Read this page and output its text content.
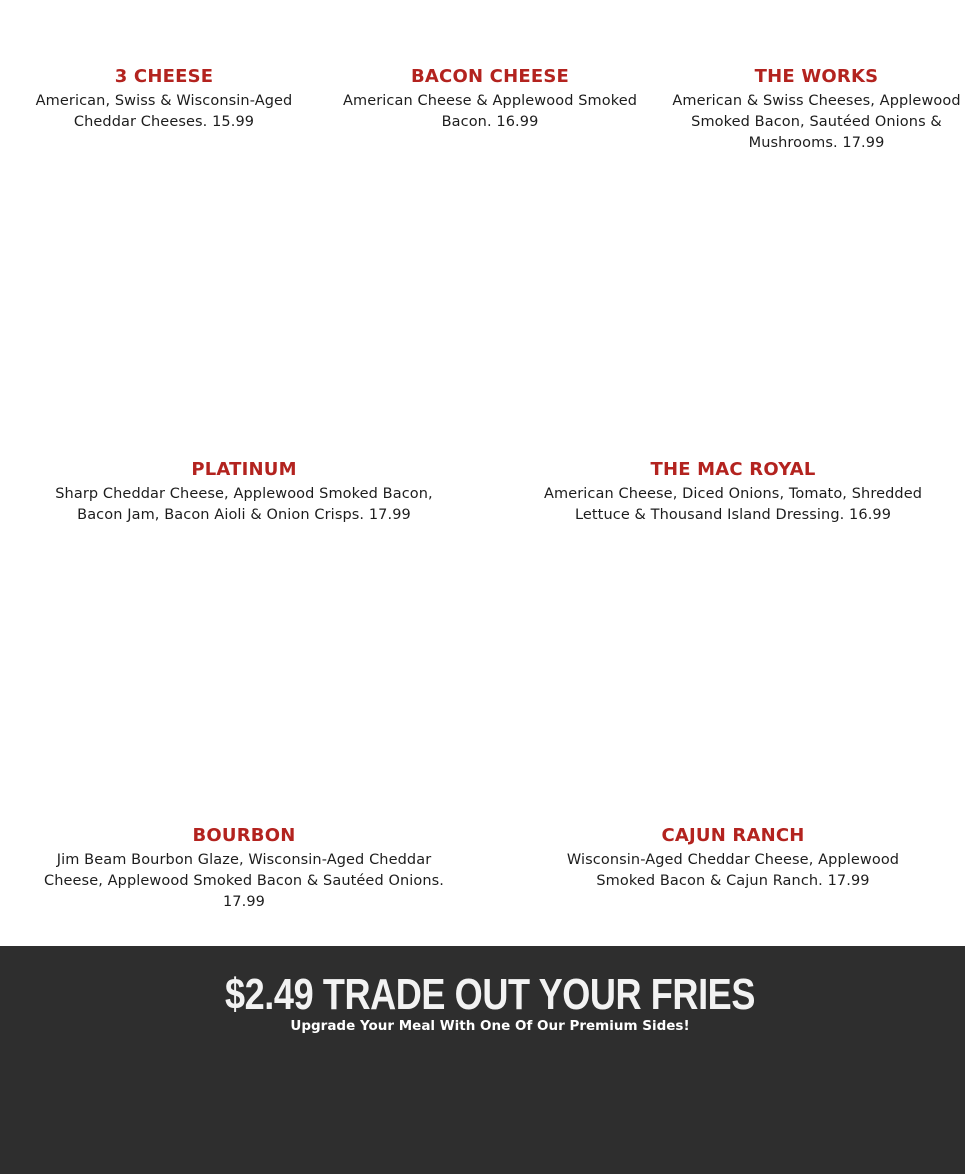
3 CHEESE

American, Swiss & Wisconsin-Aged Cheddar Cheeses. 15.99

BACON CHEESE

American Cheese & Applewood Smoked Bacon. 16.99

THE WORKS

American & Swiss Cheeses, Applewood Smoked Bacon, Sautéed Onions & Mushrooms. 17.99

PLATINUM

Sharp Cheddar Cheese, Applewood Smoked Bacon, Bacon Jam, Bacon Aioli & Onion Crisps. 17.99

THE MAC ROYAL

American Cheese, Diced Onions, Tomato, Shredded Lettuce & Thousand Island Dressing. 16.99

BOURBON

Jim Beam Bourbon Glaze, Wisconsin-Aged Cheddar Cheese, Applewood Smoked Bacon & Sautéed Onions. 17.99

CAJUN RANCH

Wisconsin-Aged Cheddar Cheese, Applewood Smoked Bacon & Cajun Ranch. 17.99

$2.49 TRADE OUT YOUR FRIES

Upgrade Your Meal With One Of Our Premium Sides!
